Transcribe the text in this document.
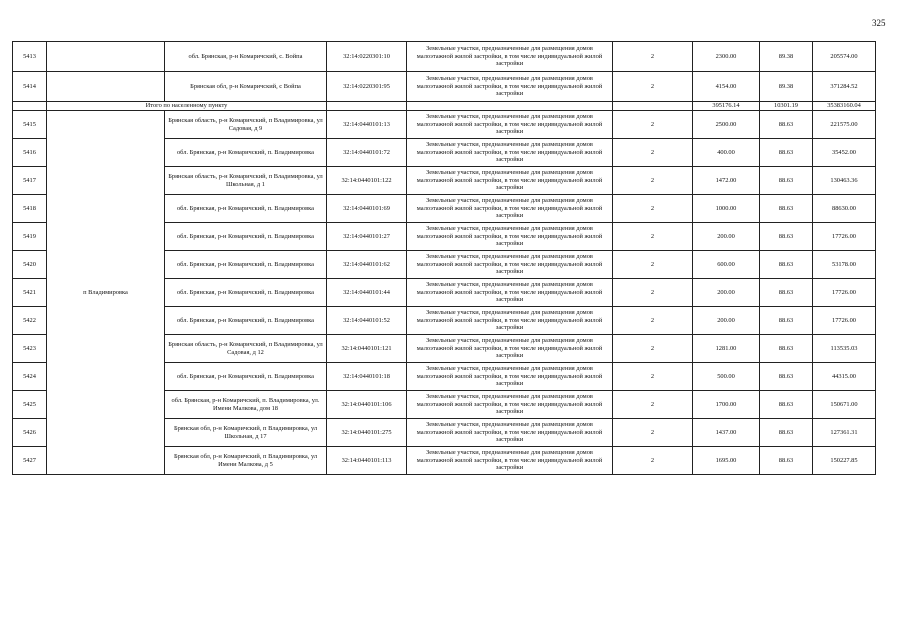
325
5413		обл. Брянская, р-н Комаричский, с. Войпа	32:14:0220301:10	Земельные участки, предназначенные для размещения домов малоэтажной жилой застройки, в том числе индивидуальной жилой застройки	2	2300.00	89.38	205574.00
5414		Брянская обл, р-н Комаричский, с Войпа	32:14:0220301:95	Земельные участки, предназначенные для размещения домов малоэтажной жилой застройки, в том числе индивидуальной жилой застройки	2	4154.00	89.38	371284.52
	Итого по населенному пункту					395176.14	10301.19	35383160.04
5415	п Владимировка	Брянская область, р-н Комаричский, п Владимировка, ул Садовая, д 9	32:14:0440101:13	Земельные участки, предназначенные для размещения домов малоэтажной жилой застройки, в том числе индивидуальной жилой застройки	2	2500.00	88.63	221575.00
5416		обл. Брянская, р-н Комаричский, п. Владимировка	32:14:0440101:72	Земельные участки, предназначенные для размещения домов малоэтажной жилой застройки, в том числе индивидуальной жилой застройки	2	400.00	88.63	35452.00
5417		Брянская область, р-н Комаричский, п Владимировка, ул Школьная, д 1	32:14:0440101:122	Земельные участки, предназначенные для размещения домов малоэтажной жилой застройки, в том числе индивидуальной жилой застройки	2	1472.00	88.63	130463.36
5418		обл. Брянская, р-н Комаричский, п. Владимировка	32:14:0440101:69	Земельные участки, предназначенные для размещения домов малоэтажной жилой застройки, в том числе индивидуальной жилой застройки	2	1000.00	88.63	88630.00
5419		обл. Брянская, р-н Комаричский, п. Владимировка	32:14:0440101:27	Земельные участки, предназначенные для размещения домов малоэтажной жилой застройки, в том числе индивидуальной жилой застройки	2	200.00	88.63	17726.00
5420		обл. Брянская, р-н Комаричский, п. Владимировка	32:14:0440101:62	Земельные участки, предназначенные для размещения домов малоэтажной жилой застройки, в том числе индивидуальной жилой застройки	2	600.00	88.63	53178.00
5421		обл. Брянская, р-н Комаричский, п. Владимировка	32:14:0440101:44	Земельные участки, предназначенные для размещения домов малоэтажной жилой застройки, в том числе индивидуальной жилой застройки	2	200.00	88.63	17726.00
5422		обл. Брянская, р-н Комаричский, п. Владимировка	32:14:0440101:52	Земельные участки, предназначенные для размещения домов малоэтажной жилой застройки, в том числе индивидуальной жилой застройки	2	200.00	88.63	17726.00
5423		Брянская область, р-н Комаричский, п Владимировка, ул Садовая, д 12	32:14:0440101:121	Земельные участки, предназначенные для размещения домов малоэтажной жилой застройки, в том числе индивидуальной жилой застройки	2	1281.00	88.63	113535.03
5424		обл. Брянская, р-н Комаричский, п. Владимировка	32:14:0440101:18	Земельные участки, предназначенные для размещения домов малоэтажной жилой застройки, в том числе индивидуальной жилой застройки	2	500.00	88.63	44315.00
5425		обл. Брянская, р-н Комаричский, п. Владимировка, ул. Имени Малкова, дом 18	32:14:0440101:106	Земельные участки, предназначенные для размещения домов малоэтажной жилой застройки, в том числе индивидуальной жилой застройки	2	1700.00	88.63	150671.00
5426		Брянская обл, р-н Комаричский, п Владимировка, ул Школьная, д 17	32:14:0440101:275	Земельные участки, предназначенные для размещения домов малоэтажной жилой застройки, в том числе индивидуальной жилой застройки	2	1437.00	88.63	127361.31
5427		Брянская обл, р-н Комаричский, п Владимировка, ул Имени Малкова, д 5	32:14:0440101:113	Земельные участки, предназначенные для размещения домов малоэтажной жилой застройки, в том числе индивидуальной жилой застройки	2	1695.00	88.63	150227.85
